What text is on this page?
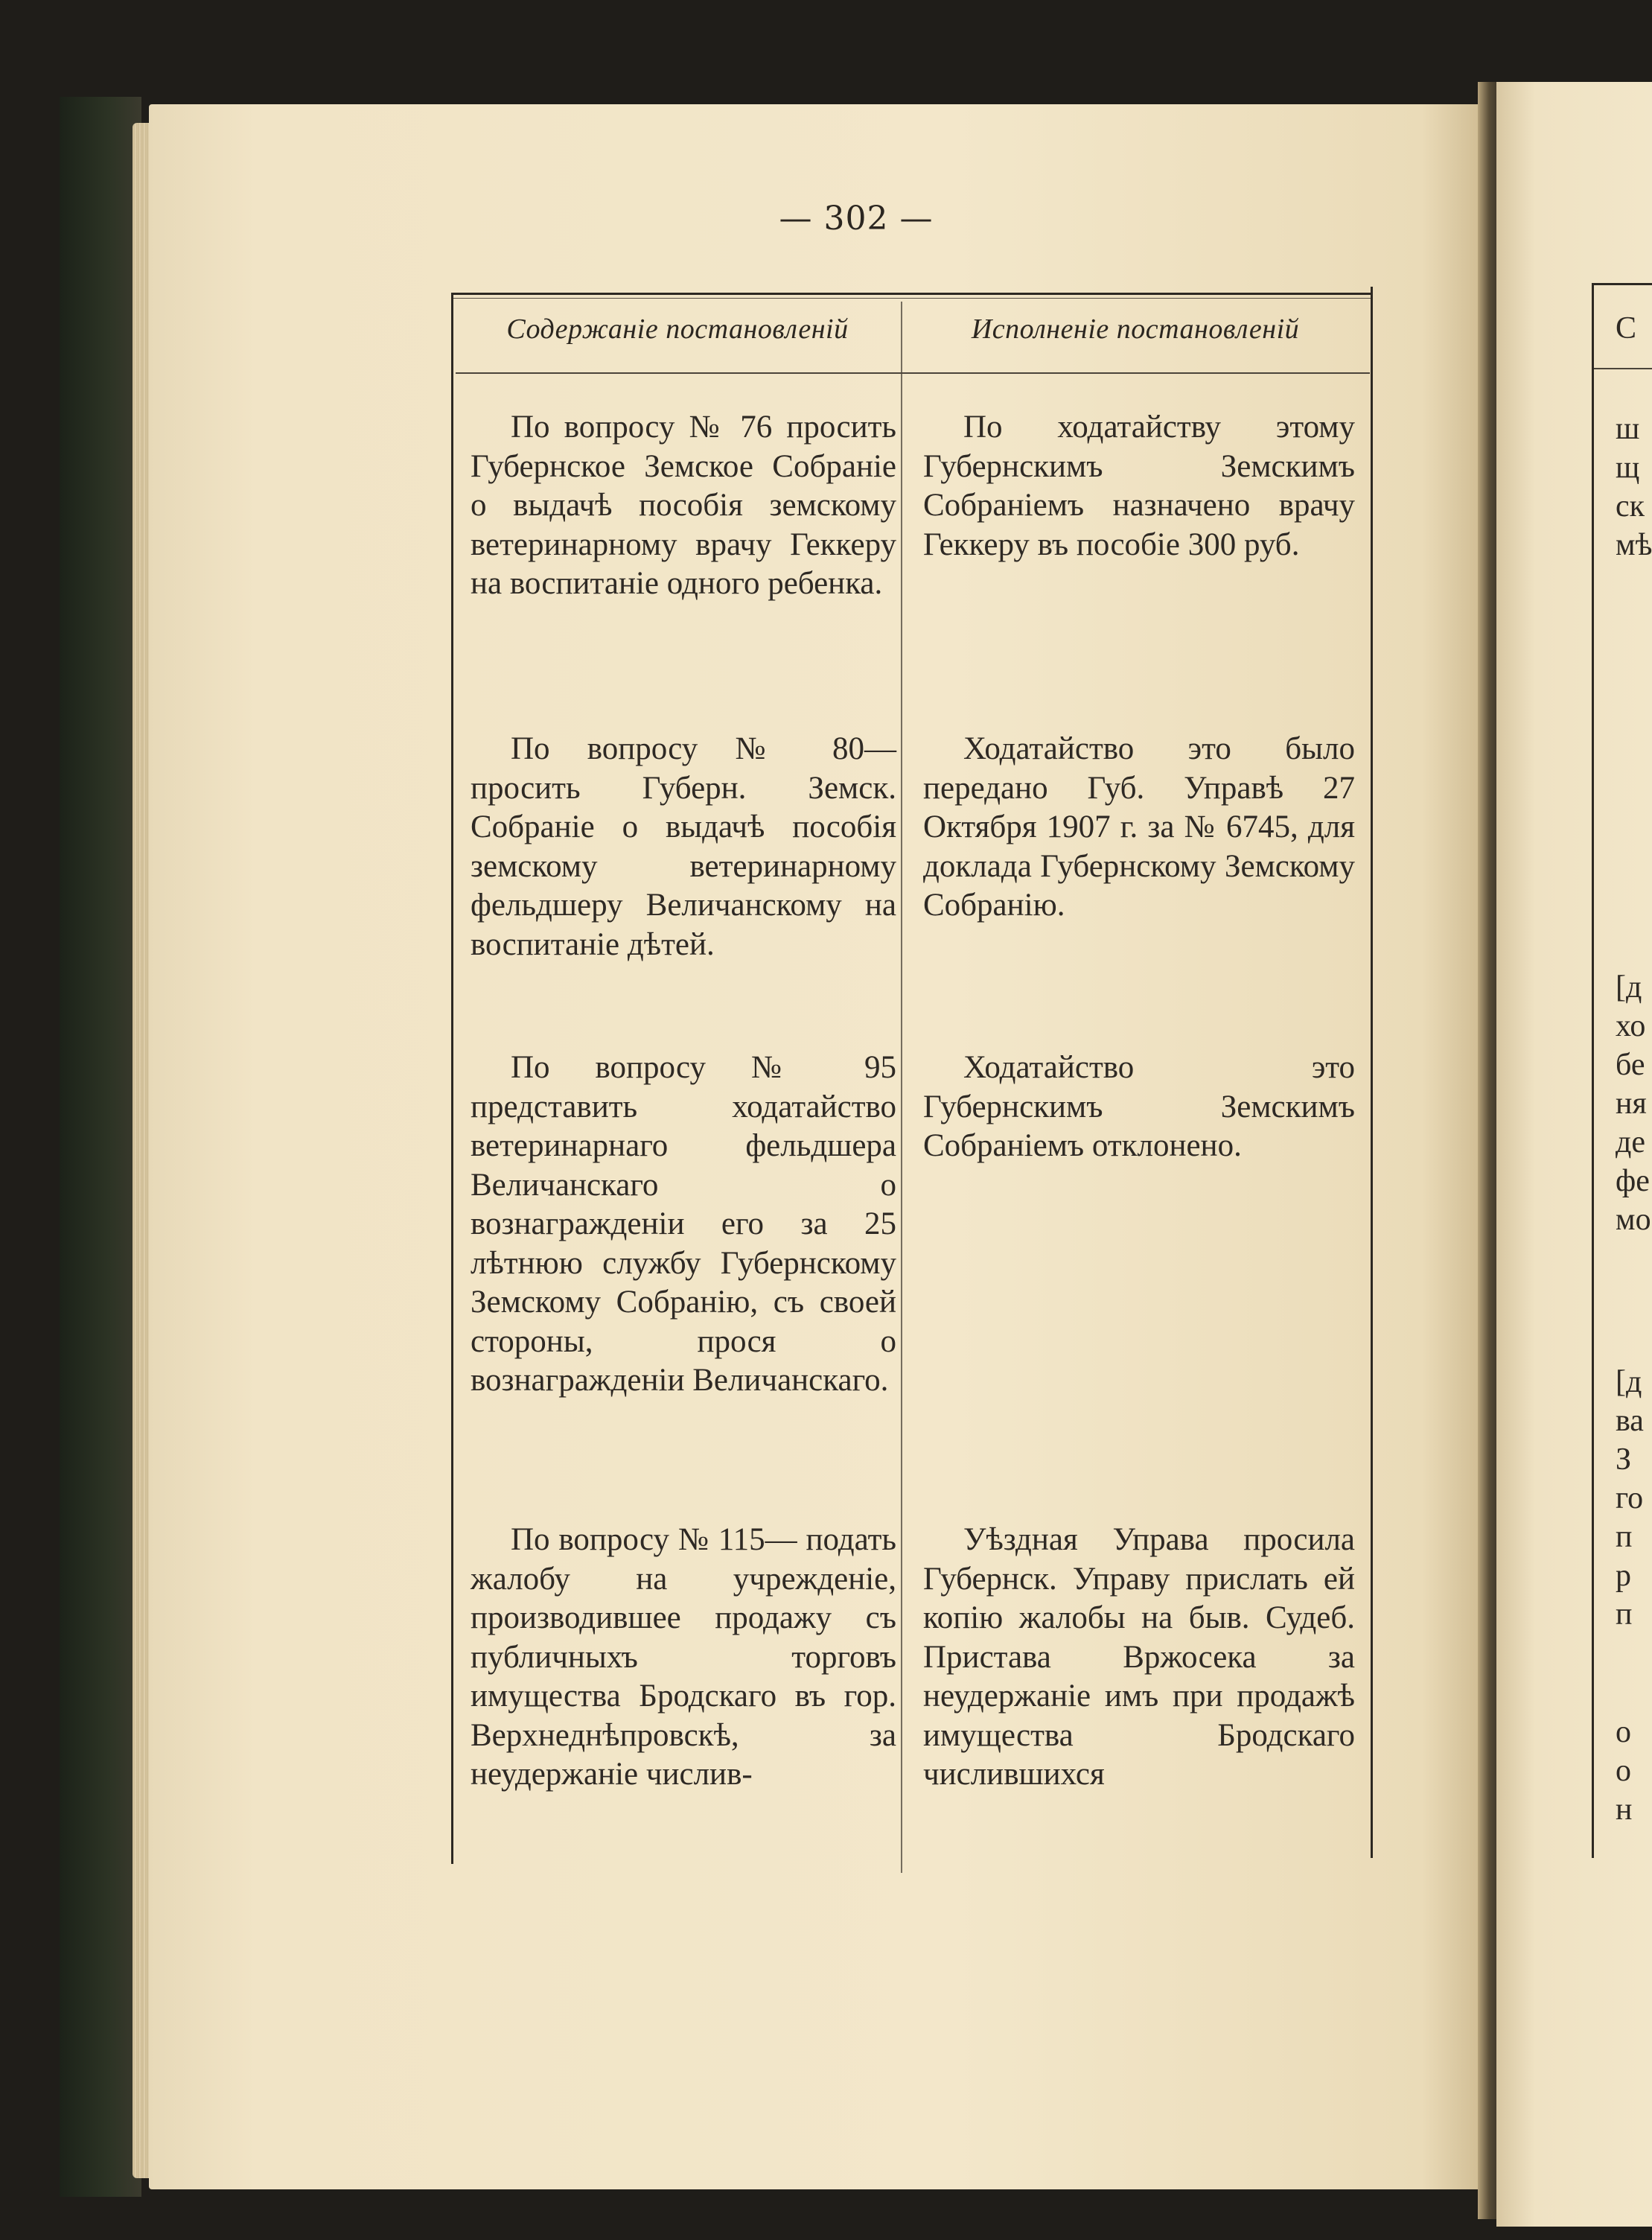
— 302 —
Содержаніе постановленій	Исполненіе постановленій

По вопросу № 76 просить Губернское Земское Собраніе о выдачѣ пособія земскому ветеринарному врачу Геккеру на воспитаніе одного ребенка.

По ходатайству этому Губернскимъ Земскимъ Собраніемъ назначено врачу Геккеру въ пособіе 300 руб.

По вопросу № 80— просить Губерн. Земск. Собраніе о выдачѣ пособія земскому ветеринарному фельдшеру Величанскому на воспитаніе дѣтей.

Ходатайство это было передано Губ. Управѣ 27 Октября 1907 г. за № 6745, для доклада Губернскому Земскому Собранію.

По вопросу № 95 представить ходатайство ветеринарнаго фельдшера Величанскаго о вознагражденіи его за 25 лѣтнюю службу Губернскому Земскому Собранію, съ своей стороны, прося о вознагражденіи Величанскаго.

Ходатайство это Губернскимъ Земскимъ Собраніемъ отклонено.

По вопросу № 115— подать жалобу на учрежденіе, производившее продажу съ публичныхъ торговъ имущества Бродскаго въ гор. Верхнеднѣпровскѣ, за неудержаніе числив-

Уѣздная Управа просила Губернск. Управу прислать ей копію жалобы на быв. Судеб. Пристава Вржосека за неудержаніе имъ при продажѣ имущества Бродскаго числившихся

С
ш
щ
ск
мѣ
[д
хо
бе
ня
де
фе
мо
[д
ва
З
го
п
р
п
о
о
н
